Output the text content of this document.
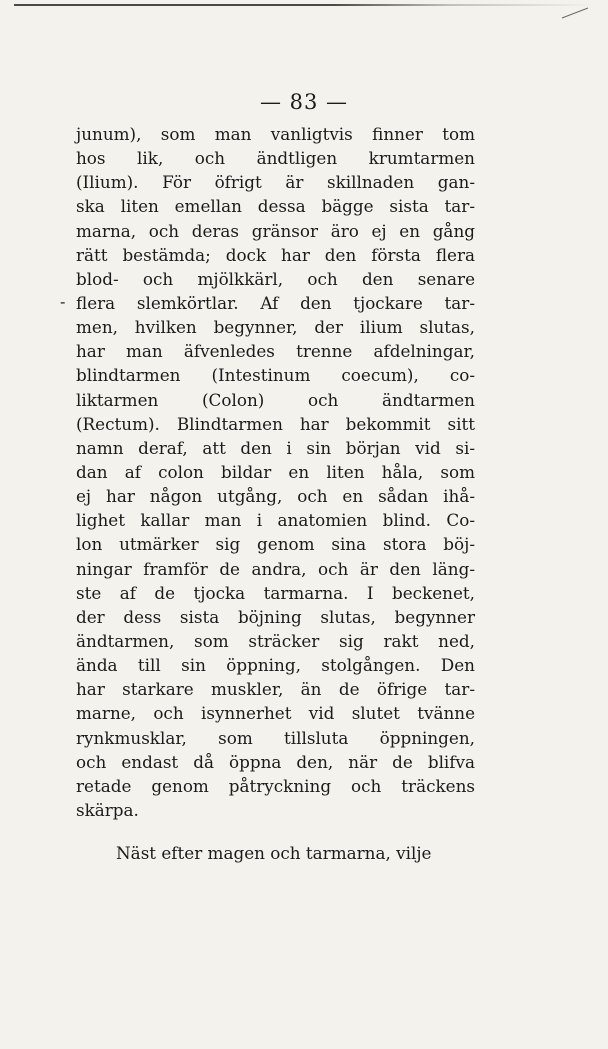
— 83 —
-
junum), som man vanligtvis finner tom
hos lik, och ändtligen krumtarmen
(Ilium). För öfrigt är skillnaden gan-
ska liten emellan dessa bägge sista tar-
marna, och deras gränsor äro ej en gång
rätt bestämda; dock har den första flera
blod- och mjölkkärl, och den senare
flera slemkörtlar. Af den tjockare tar-
men, hvilken begynner, der ilium slutas,
har man äfvenledes trenne afdelningar,
blindtarmen (Intestinum coecum), co-
liktarmen (Colon) och ändtarmen
(Rectum). Blindtarmen har bekommit sitt
namn deraf, att den i sin början vid si-
dan af colon bildar en liten håla, som
ej har någon utgång, och en sådan ihå-
lighet kallar man i anatomien blind. Co-
lon utmärker sig genom sina stora böj-
ningar framför de andra, och är den läng-
ste af de tjocka tarmarna. I beckenet,
der dess sista böjning slutas, begynner
ändtarmen, som sträcker sig rakt ned,
ända till sin öppning, stolgången. Den
har starkare muskler, än de öfrige tar-
marne, och isynnerhet vid slutet tvänne
rynkmusklar, som tillsluta öppningen,
och endast då öppna den, när de blifva
retade genom påtryckning och träckens
skärpa.
Näst efter magen och tarmarna, vilje
